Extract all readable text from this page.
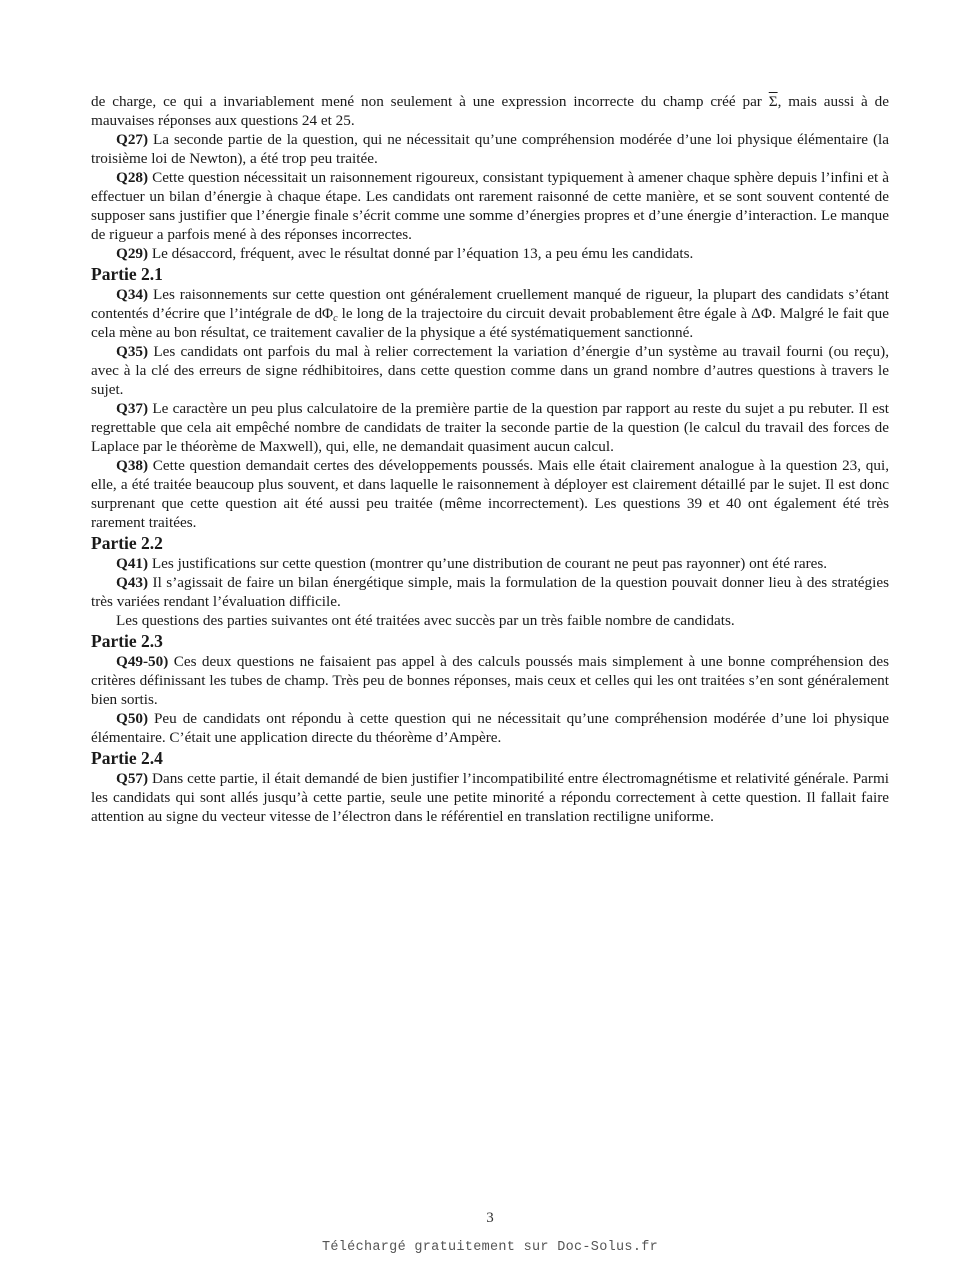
de charge, ce qui a invariablement mené non seulement à une expression incorrecte du champ créé par $\overline{\Sigma}$, mais aussi à de mauvaises réponses aux questions 24 et 25.

Q27) La seconde partie de la question, qui ne nécessitait qu’une compréhension modérée d’une loi physique élémentaire (la troisième loi de Newton), a été trop peu traitée.

Q28) Cette question nécessitait un raisonnement rigoureux, consistant typiquement à amener chaque sphère depuis l’infini et à effectuer un bilan d’énergie à chaque étape. Les candidats ont rarement raisonné de cette manière, et se sont souvent contenté de supposer sans justifier que l’énergie finale s’écrit comme une somme d’énergies propres et d’une énergie d’interaction. Le manque de rigueur a parfois mené à des réponses incorrectes.

Q29) Le désaccord, fréquent, avec le résultat donné par l’équation 13, a peu ému les candidats.

Partie 2.1

Q34) Les raisonnements sur cette question ont généralement cruellement manqué de rigueur, la plupart des candidats s’étant contentés d’écrire que l’intégrale de $d\Phi_c$ le long de la trajectoire du circuit devait probablement être égale à ΔΦ. Malgré le fait que cela mène au bon résultat, ce traitement cavalier de la physique a été systématiquement sanctionné.

Q35) Les candidats ont parfois du mal à relier correctement la variation d’énergie d’un système au travail fourni (ou reçu), avec à la clé des erreurs de signe rédhibitoires, dans cette question comme dans un grand nombre d’autres questions à travers le sujet.

Q37) Le caractère un peu plus calculatoire de la première partie de la question par rapport au reste du sujet a pu rebuter. Il est regrettable que cela ait empêché nombre de candidats de traiter la seconde partie de la question (le calcul du travail des forces de Laplace par le théorème de Maxwell), qui, elle, ne demandait quasiment aucun calcul.

Q38) Cette question demandait certes des développements poussés. Mais elle était clairement analogue à la question 23, qui, elle, a été traitée beaucoup plus souvent, et dans laquelle le raisonnement à déployer est clairement détaillé par le sujet. Il est donc surprenant que cette question ait été aussi peu traitée (même incorrectement). Les questions 39 et 40 ont également été très rarement traitées.

Partie 2.2

Q41) Les justifications sur cette question (montrer qu’une distribution de courant ne peut pas rayonner) ont été rares.

Q43) Il s’agissait de faire un bilan énergétique simple, mais la formulation de la question pouvait donner lieu à des stratégies très variées rendant l’évaluation difficile.

Les questions des parties suivantes ont été traitées avec succès par un très faible nombre de candidats.

Partie 2.3

Q49-50) Ces deux questions ne faisaient pas appel à des calculs poussés mais simplement à une bonne compréhension des critères définissant les tubes de champ. Très peu de bonnes réponses, mais ceux et celles qui les ont traitées s’en sont généralement bien sortis.

Q50) Peu de candidats ont répondu à cette question qui ne nécessitait qu’une compréhension modérée d’une loi physique élémentaire. C’était une application directe du théorème d’Ampère.

Partie 2.4

Q57) Dans cette partie, il était demandé de bien justifier l’incompatibilité entre électromagnétisme et relativité générale. Parmi les candidats qui sont allés jusqu’à cette partie, seule une petite minorité a répondu correctement à cette question. Il fallait faire attention au signe du vecteur vitesse de l’électron dans le référentiel en translation rectiligne uniforme.

3
Téléchargé gratuitement sur Doc-Solus.fr
